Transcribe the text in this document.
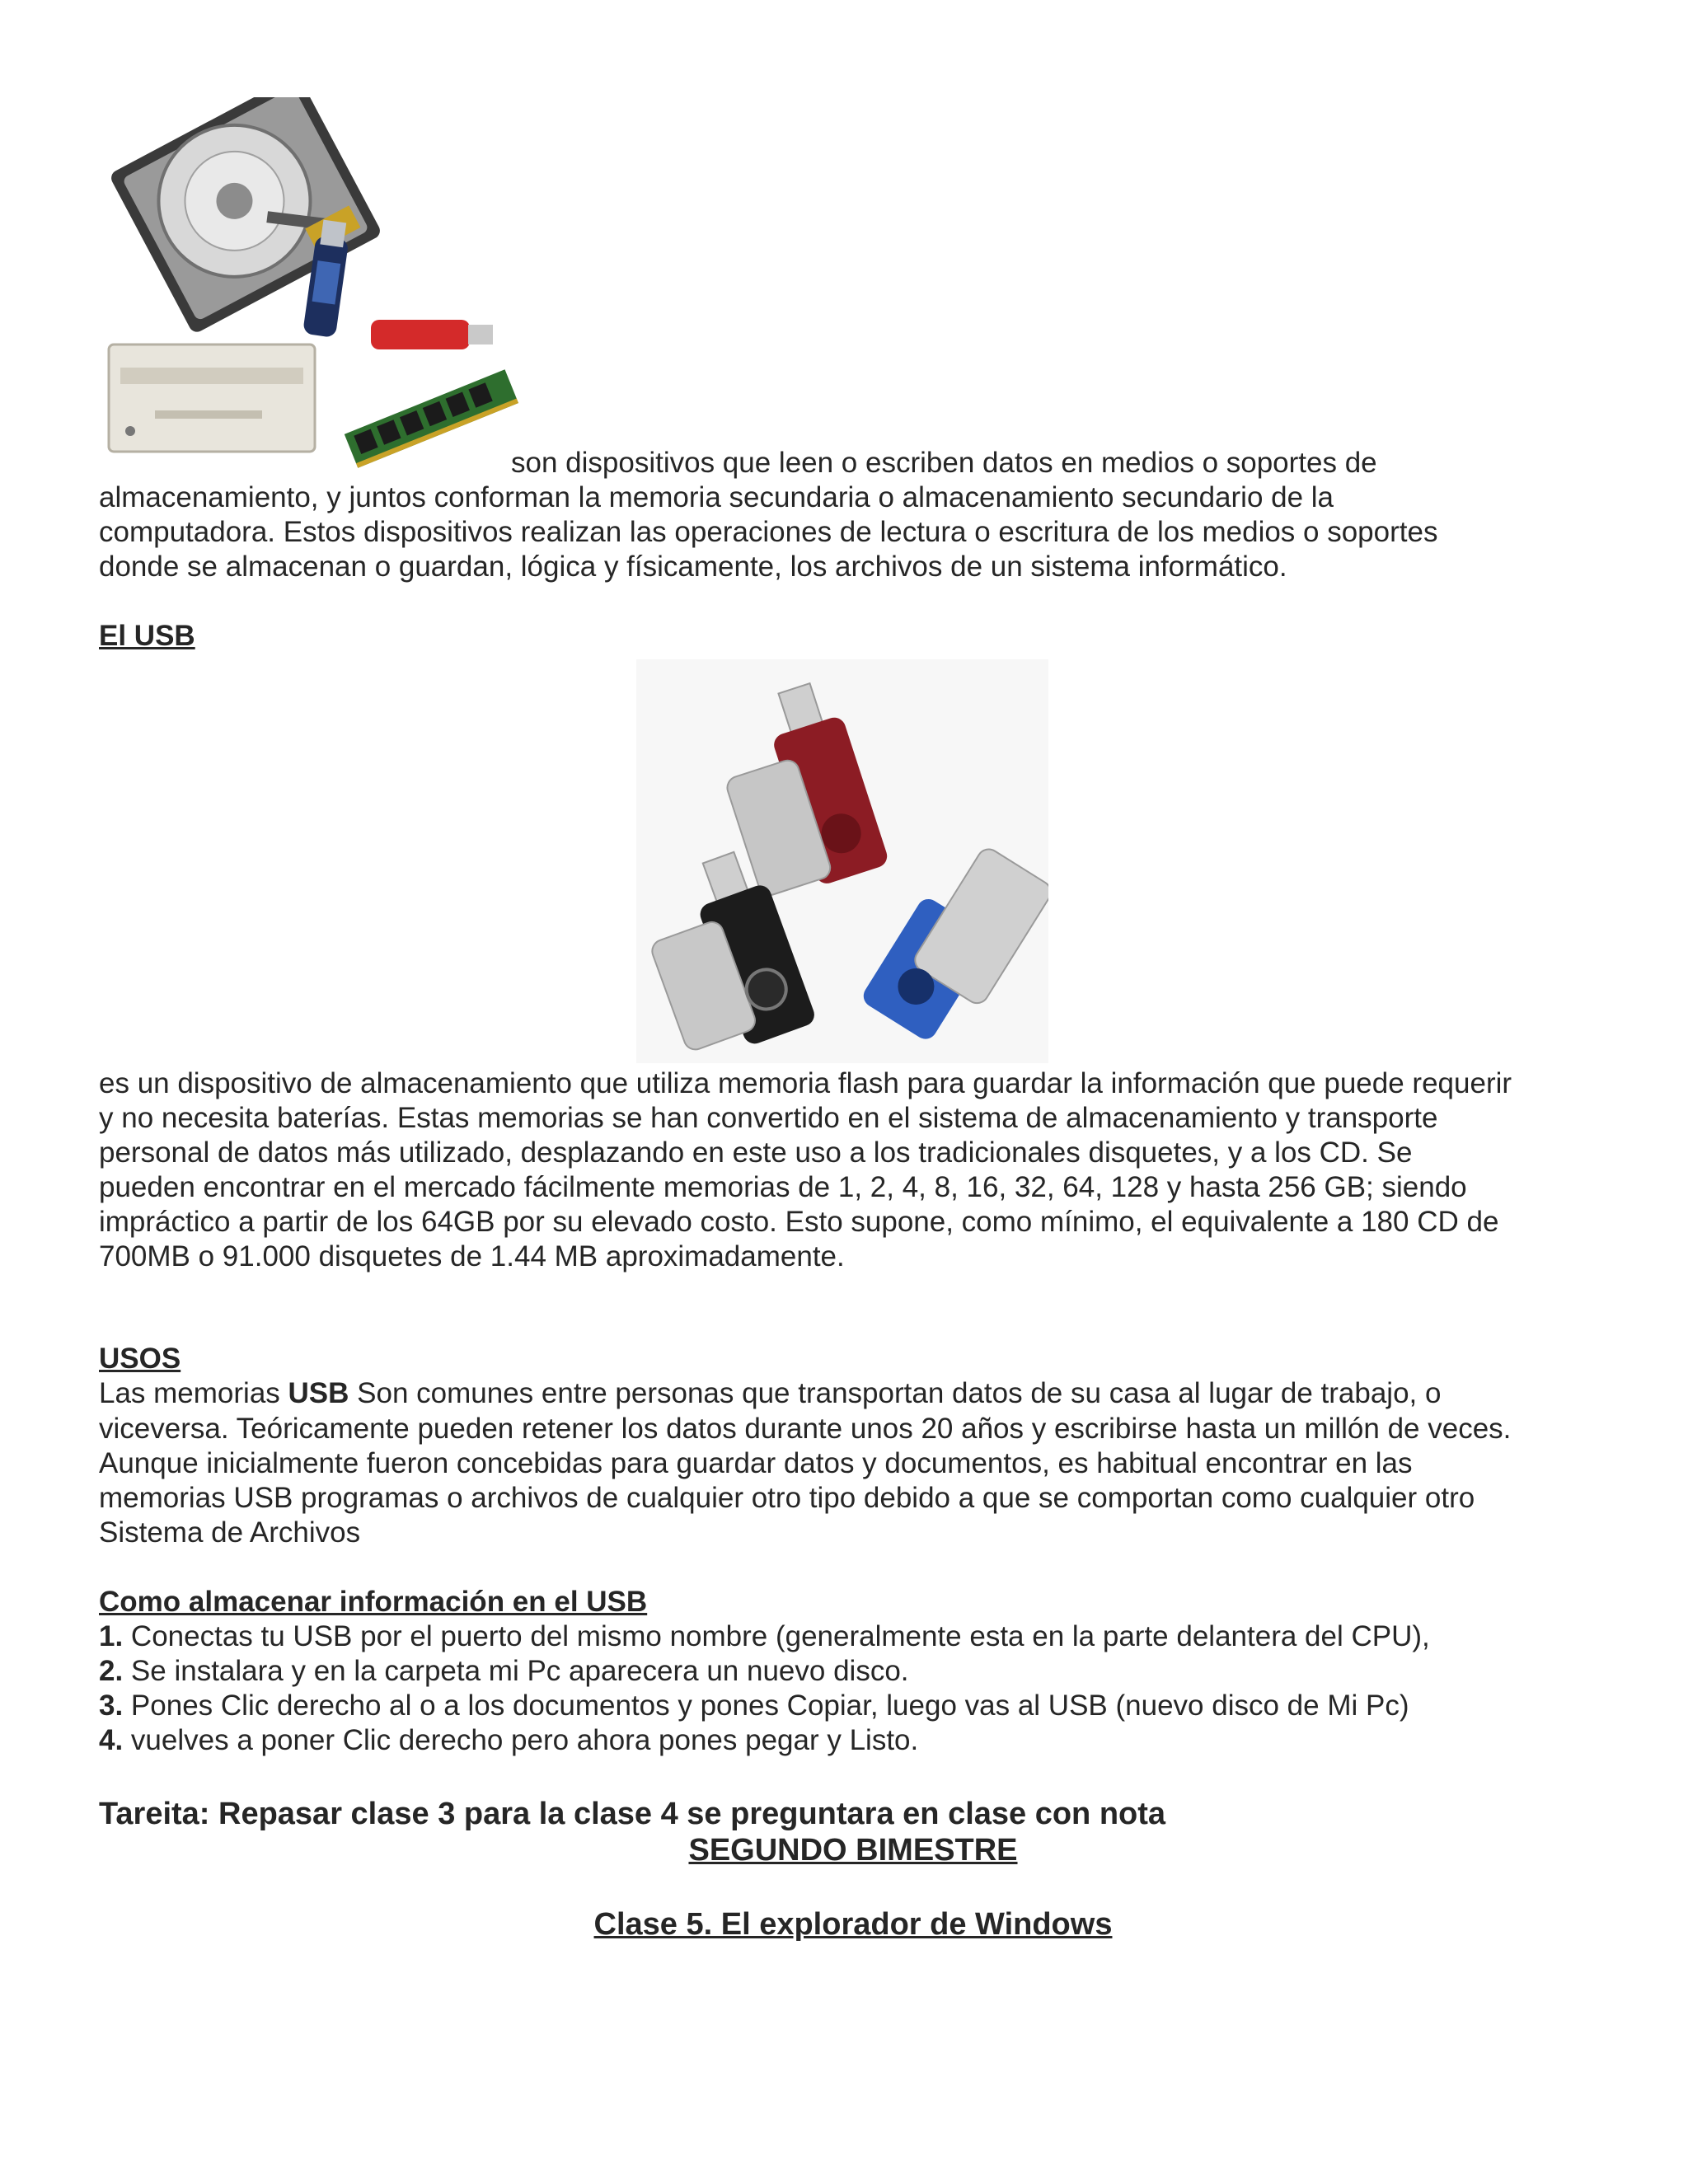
son dispositivos que leen o escriben datos en medios o soportes de

almacenamiento, y juntos conforman la memoria secundaria o almacenamiento secundario de la

computadora. Estos dispositivos realizan las operaciones de lectura o escritura de los medios o soportes

donde se almacenan o guardan, lógica y físicamente, los archivos de un sistema informático.

El USB

es un dispositivo de almacenamiento que utiliza memoria flash para guardar la información que puede requerir

y no necesita baterías. Estas memorias se han convertido en el sistema de almacenamiento y transporte

personal de datos más utilizado, desplazando en este uso a los tradicionales disquetes, y a los CD. Se

pueden encontrar en el mercado fácilmente memorias de 1, 2, 4, 8, 16, 32, 64, 128 y hasta 256 GB; siendo

impráctico a partir de los 64GB por su elevado costo. Esto supone, como mínimo, el equivalente a 180 CD de

700MB o 91.000 disquetes de 1.44 MB aproximadamente.

USOS

Las memorias USB Son comunes entre personas que transportan datos de su casa al lugar de trabajo, o

viceversa. Teóricamente pueden retener los datos durante unos 20 años y escribirse hasta un millón de veces.

Aunque inicialmente fueron concebidas para guardar datos y documentos, es habitual encontrar en las

memorias USB programas o archivos de cualquier otro tipo debido a que se comportan como cualquier otro

Sistema de Archivos

Como almacenar información en el USB

1. Conectas tu USB por el puerto del mismo nombre (generalmente esta en la parte delantera del CPU),

2. Se instalara y en la carpeta mi Pc aparecera un nuevo disco.

3. Pones Clic derecho al o a los documentos y pones Copiar, luego vas al USB (nuevo disco de Mi Pc)

4. vuelves a poner Clic derecho pero ahora pones pegar y Listo.

Tareita: Repasar clase 3 para la clase 4 se preguntara en clase con nota

SEGUNDO BIMESTRE

Clase 5. El explorador de Windows
